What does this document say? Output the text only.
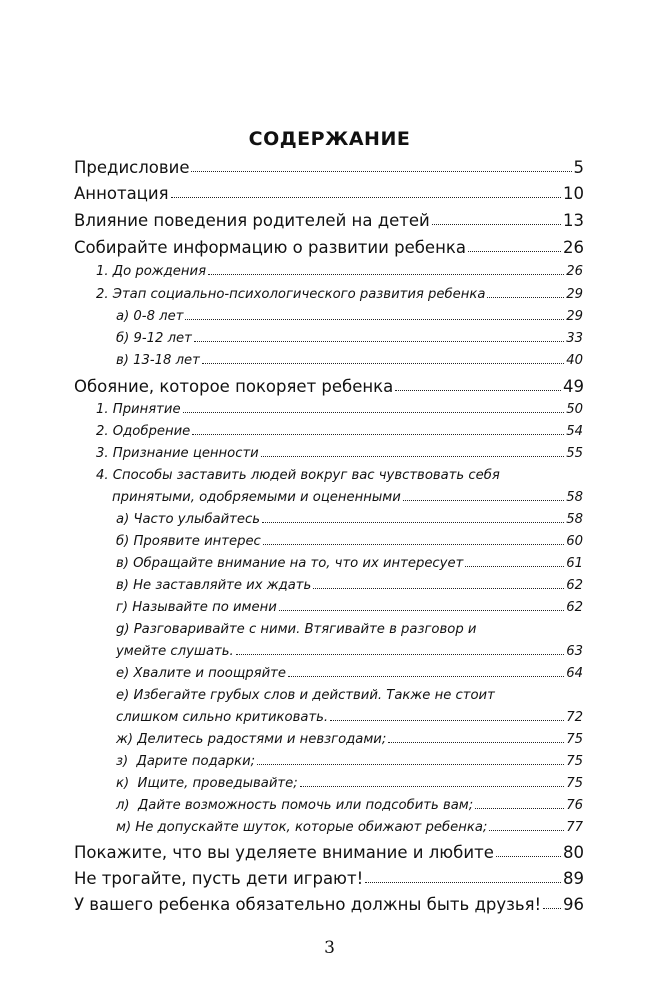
СОДЕРЖАНИЕ
Предисловие	5
Аннотация	10
Влияние поведения родителей на детей	13
Собирайте информацию о развитии ребенка	26
1. До рождения	26
2. Этап социально-психологического развития ребенка	29
а) 0-8 лет	29
б) 9-12 лет	33
в) 13-18 лет	40
Обояние, которое покоряет ребенка	49
1. Принятие	50
2. Одобрение	54
3. Признание ценности	55
4. Способы заставить людей вокруг вас чувствовать себя
принятыми, одобряемыми и оцененными	58
а) Часто улыбайтесь	58
б) Проявите интерес	60
в) Обращайте внимание на то, что их интересует	61
в) Не заставляйте их ждать	62
г) Называйте по имени	62
g) Разговаривайте с ними. Втягивайте в разговор и
умейте слушать.	63
е) Хвалите и поощряйте	64
е) Избегайте грубых слов и действий. Также не стоит
слишком сильно критиковать.	72
ж) Делитесь радостями и невзгодами;	75
з)  Дарите подарки;	75
к)  Ищите, проведывайте;	75
л)  Дайте возможность помочь или подсобить вам;	76
м) Не допускайте шуток, которые обижают ребенка;	77
Покажите, что вы уделяете внимание и любите	80
Не трогайте, пусть дети играют!	89
У вашего ребенка обязательно должны быть друзья! 96
3
